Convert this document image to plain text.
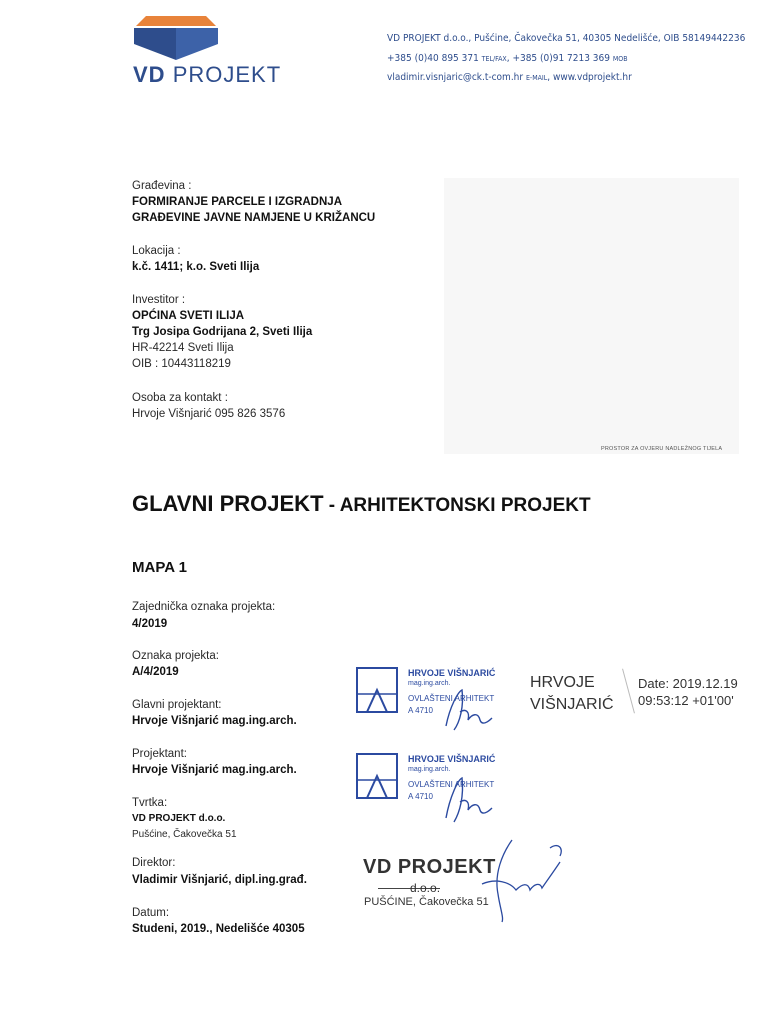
VD PROJEKT
VD PROJEKT d.o.o., Pušćine, Čakovečka 51, 40305 Nedelišće, OIB 58149442236
+385 (0)40 895 371 TEL/FAX, +385 (0)91 7213 369 MOB
vladimir.visnjaric@ck.t-com.hr E-MAIL, www.vdprojekt.hr
Građevina :
FORMIRANJE PARCELE I IZGRADNJA
GRAĐEVINE JAVNE NAMJENE U KRIŽANCU
Lokacija :
k.č. 1411; k.o. Sveti Ilija
Investitor :
OPĆINA SVETI ILIJA
Trg Josipa Godrijana 2, Sveti Ilija
HR-42214 Sveti Ilija
OIB : 10443118219
Osoba za kontakt :
Hrvoje Višnjarić 095 826 3576
PROSTOR ZA OVJERU NADLEŽNOG TIJELA
GLAVNI PROJEKT - ARHITEKTONSKI PROJEKT
MAPA 1
Zajednička oznaka projekta:
4/2019
Oznaka projekta:
A/4/2019
Glavni projektant:
Hrvoje Višnjarić mag.ing.arch.
Projektant:
Hrvoje Višnjarić mag.ing.arch.
Tvrtka:
VD PROJEKT d.o.o.
Pušćine, Čakovečka 51
Direktor:
Vladimir Višnjarić, dipl.ing.građ.
Datum:
Studeni, 2019., Nedelišće 40305
HRVOJE VIŠNJARIĆ
mag.ing.arch.
OVLAŠTENI ARHITEKT
A 4710
HRVOJE VIŠNJARIĆ
mag.ing.arch.
OVLAŠTENI ARHITEKT
A 4710
VD PROJEKT
d.o.o.
PUŠĆINE, Čakovečka 51
HRVOJE
VIŠNJARIĆ
Date: 2019.12.19
09:53:12 +01'00'
